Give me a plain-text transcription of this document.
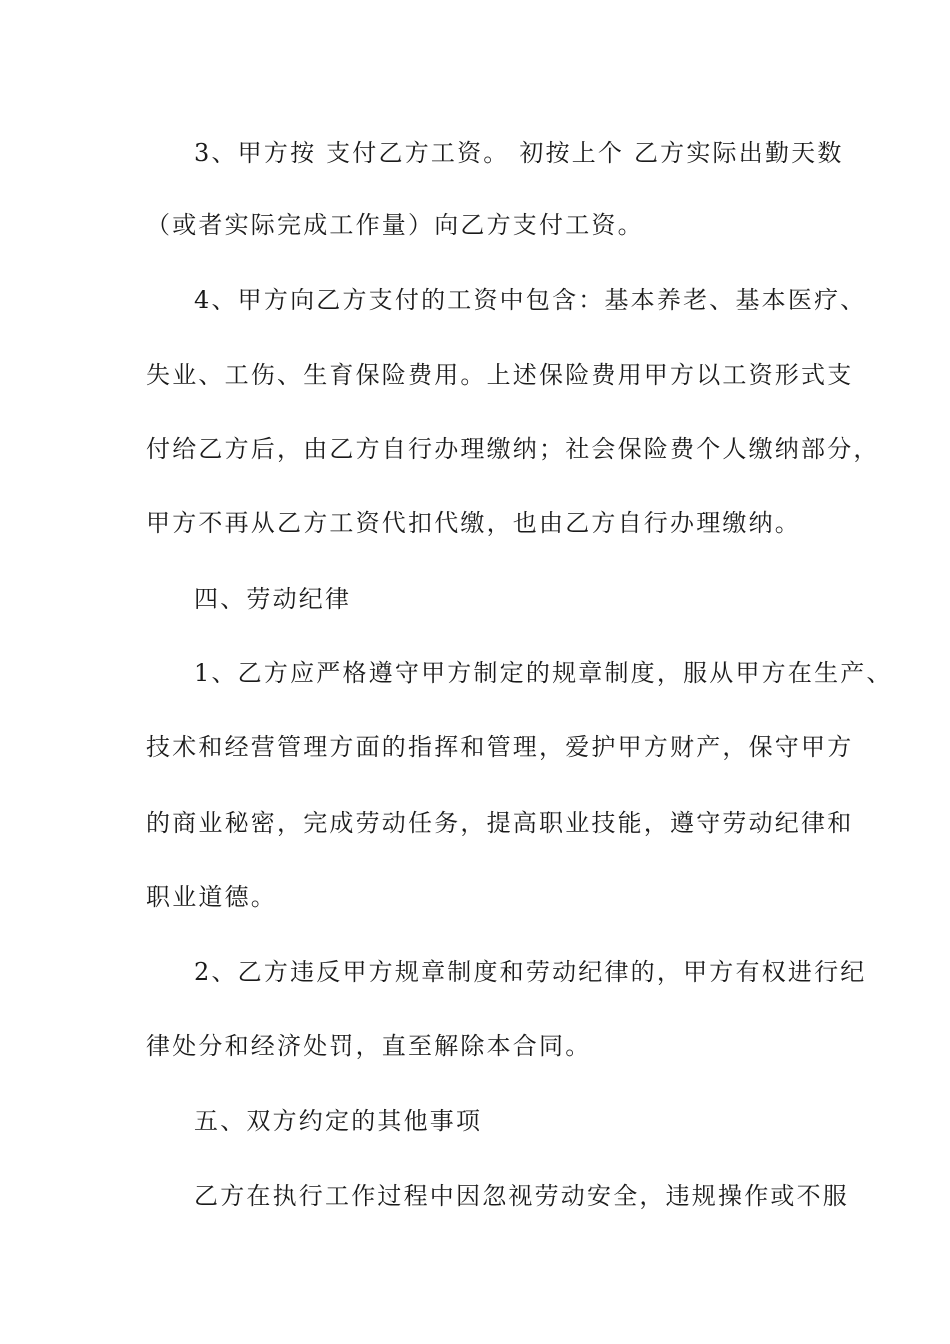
3、甲方按 支付乙方工资。 初按上个 乙方实际出勤天数
（或者实际完成工作量）向乙方支付工资。
4、甲方向乙方支付的工资中包含：基本养老、基本医疗、
失业、工伤、生育保险费用。上述保险费用甲方以工资形式支
付给乙方后，由乙方自行办理缴纳；社会保险费个人缴纳部分，
甲方不再从乙方工资代扣代缴，也由乙方自行办理缴纳。
四、劳动纪律
1、乙方应严格遵守甲方制定的规章制度，服从甲方在生产、
技术和经营管理方面的指挥和管理，爱护甲方财产，保守甲方
的商业秘密，完成劳动任务，提高职业技能，遵守劳动纪律和
职业道德。
2、乙方违反甲方规章制度和劳动纪律的，甲方有权进行纪
律处分和经济处罚，直至解除本合同。
五、双方约定的其他事项
乙方在执行工作过程中因忽视劳动安全，违规操作或不服
